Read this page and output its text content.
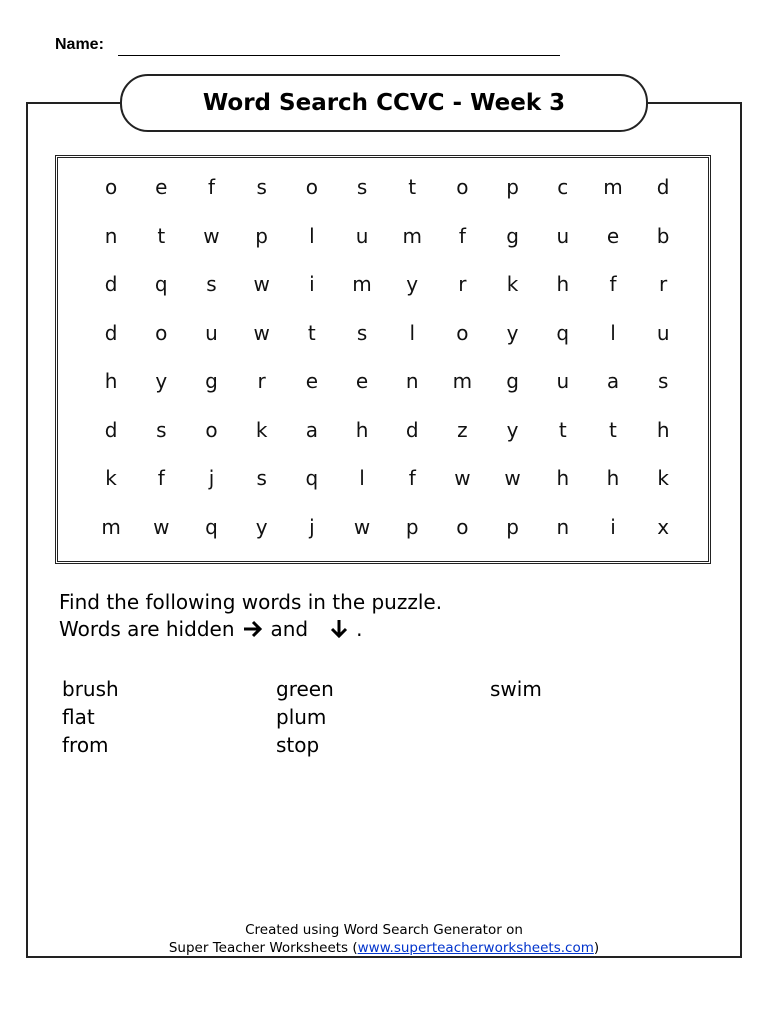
Name:
Word Search CCVC - Week 3
o	e	f	s	o	s	t	o	p	c	m	d
n	t	w	p	l	u	m	f	g	u	e	b
d	q	s	w	i	m	y	r	k	h	f	r
d	o	u	w	t	s	l	o	y	q	l	u
h	y	g	r	e	e	n	m	g	u	a	s
d	s	o	k	a	h	d	z	y	t	t	h
k	f	j	s	q	l	f	w	w	h	h	k
m	w	q	y	j	w	p	o	p	n	i	x
Find the following words in the puzzle.
Words are hidden and .
brush
flat
from
green
plum
stop
swim
Created using Word Search Generator on
Super Teacher Worksheets (www.superteacherworksheets.com)
